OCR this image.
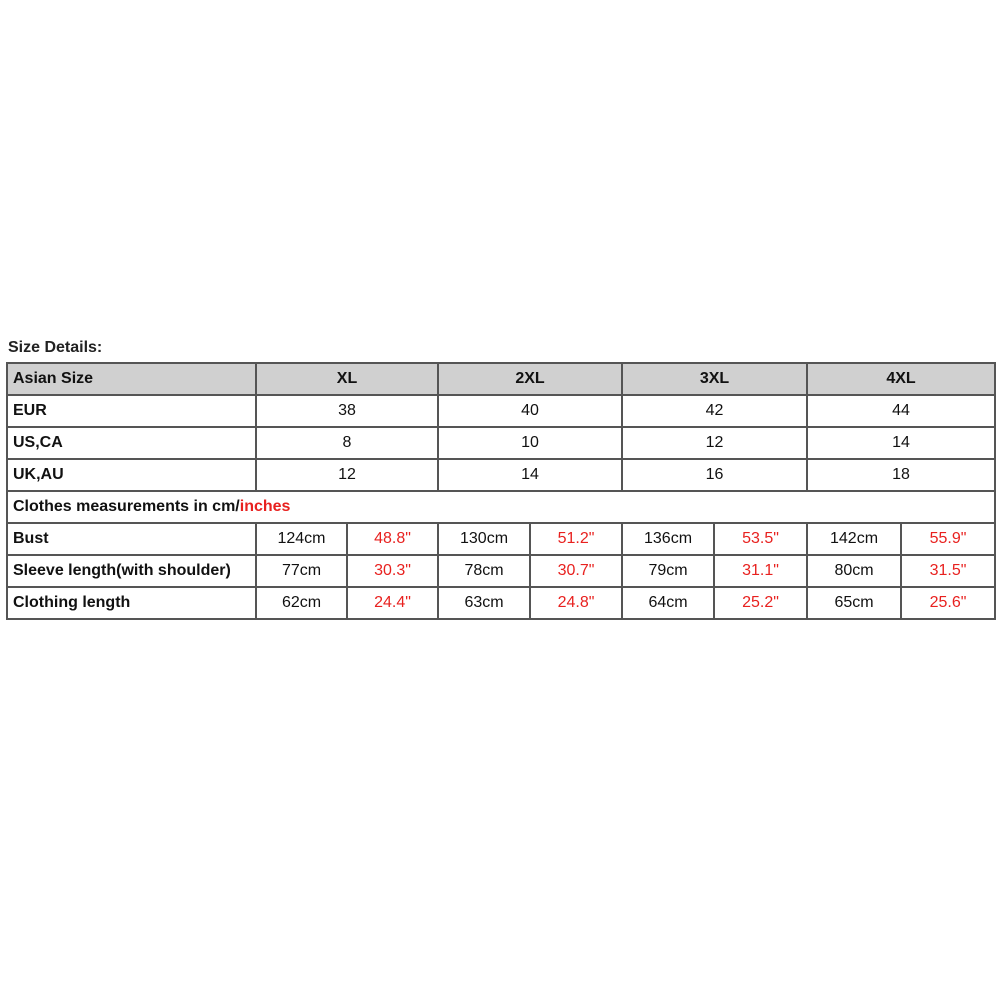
Size Details:
Asian Size	XL		2XL		3XL		4XL	
EUR	38		40		42		44	
US,CA	8		10		12		14	
UK,AU	12		14		16		18	
Clothes measurements in cm/inches								
Bust	124cm	48.8"	130cm	51.2"	136cm	53.5"	142cm	55.9"
Sleeve length(with shoulder)	77cm	30.3"	78cm	30.7"	79cm	31.1"	80cm	31.5"
Clothing length	62cm	24.4"	63cm	24.8"	64cm	25.2"	65cm	25.6"
